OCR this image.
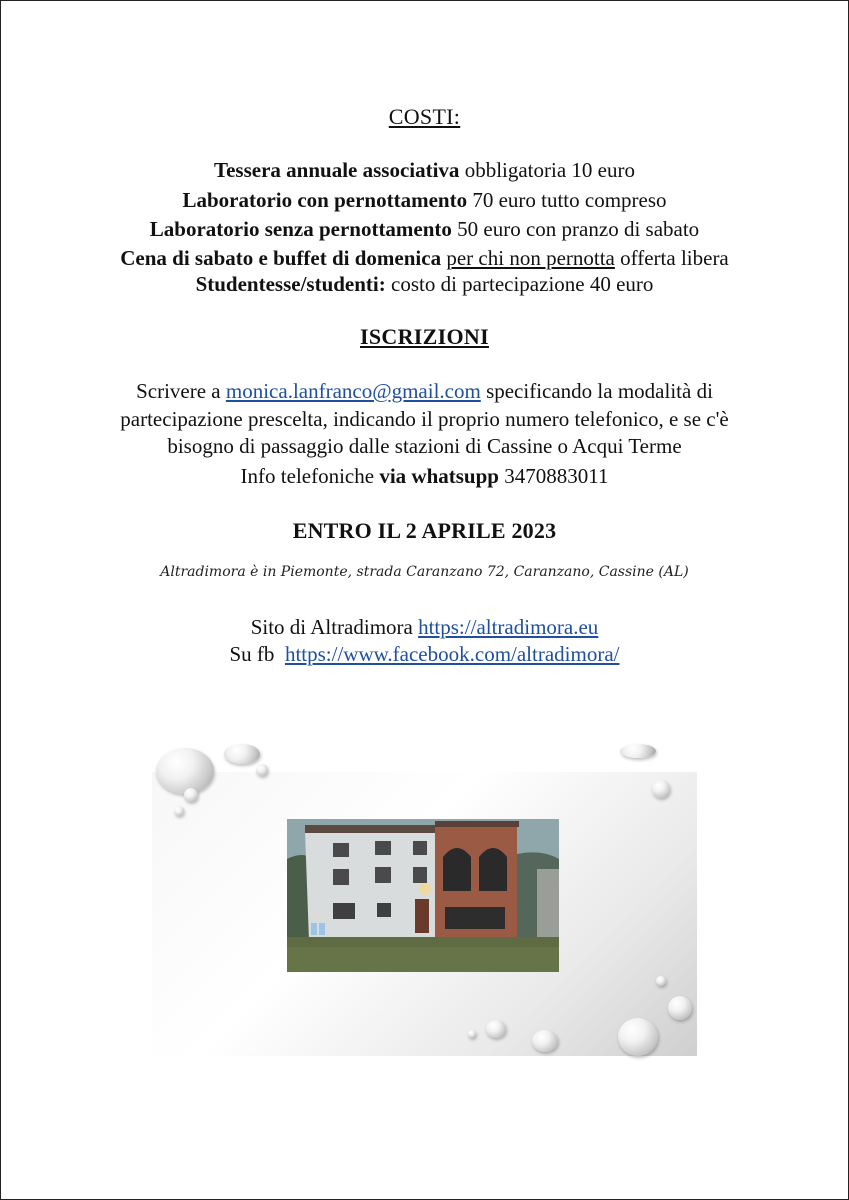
COSTI:
Tessera annuale associativa obbligatoria 10 euro
Laboratorio con pernottamento 70 euro tutto compreso
Laboratorio senza pernottamento 50 euro con pranzo di sabato
Cena di sabato e buffet di domenica per chi non pernotta offerta libera
Studentesse/studenti: costo di partecipazione 40 euro
ISCRIZIONI
Scrivere a monica.lanfranco@gmail.com specificando la modalità di
partecipazione prescelta, indicando il proprio numero telefonico, e se c'è
bisogno di passaggio dalle stazioni di Cassine o Acqui Terme
Info telefoniche via whatsupp 3470883011
ENTRO IL 2 APRILE 2023
Altradimora è in Piemonte, strada Caranzano 72, Caranzano, Cassine (AL)
Sito di Altradimora https://altradimora.eu
Su fb  https://www.facebook.com/altradimora/
